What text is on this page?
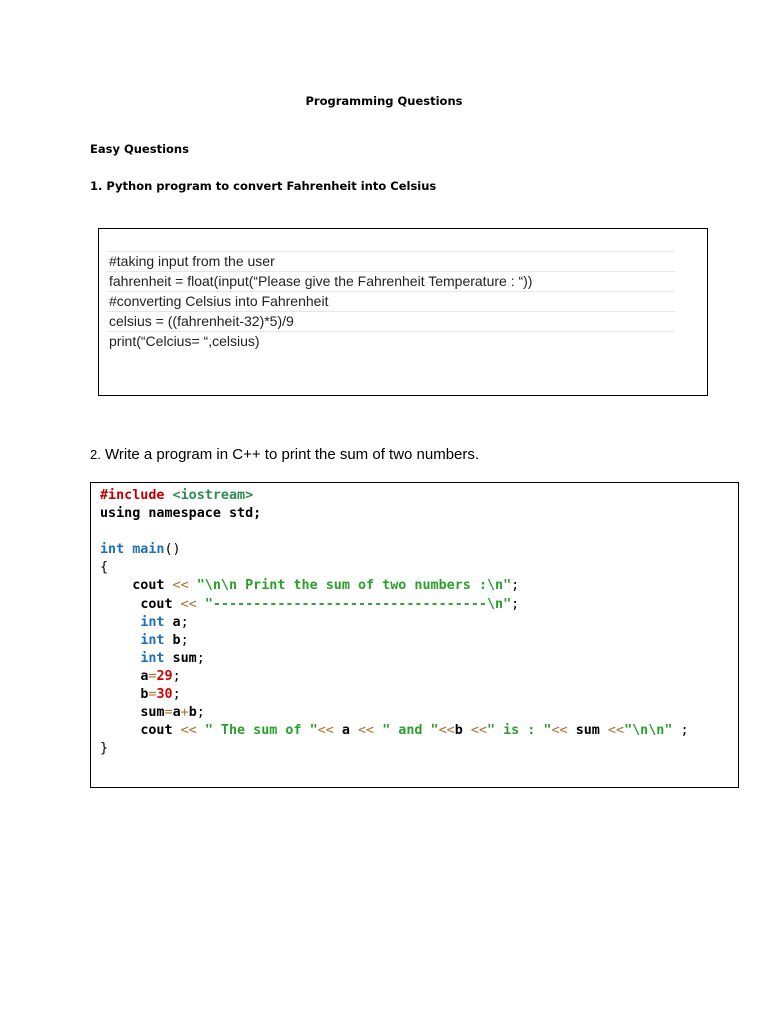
Programming Questions
Easy Questions
1. Python program to convert Fahrenheit into Celsius
#taking input from the user
fahrenheit = float(input(“Please give the Fahrenheit Temperature : “))
#converting Celsius into Fahrenheit
celsius = ((fahrenheit-32)*5)/9
print(“Celcius= “,celsius)
2. Write a program in C++ to print the sum of two numbers.
#include <iostream>
using namespace std;
int main()
{
cout << "\n\n Print the sum of two numbers :\n";
cout << "----------------------------------\n";
int a;
int b;
int sum;
a=29;
b=30;
sum=a+b;
cout << " The sum of "<< a << " and "<<b <<" is : "<< sum <<"\n\n" ;
}
